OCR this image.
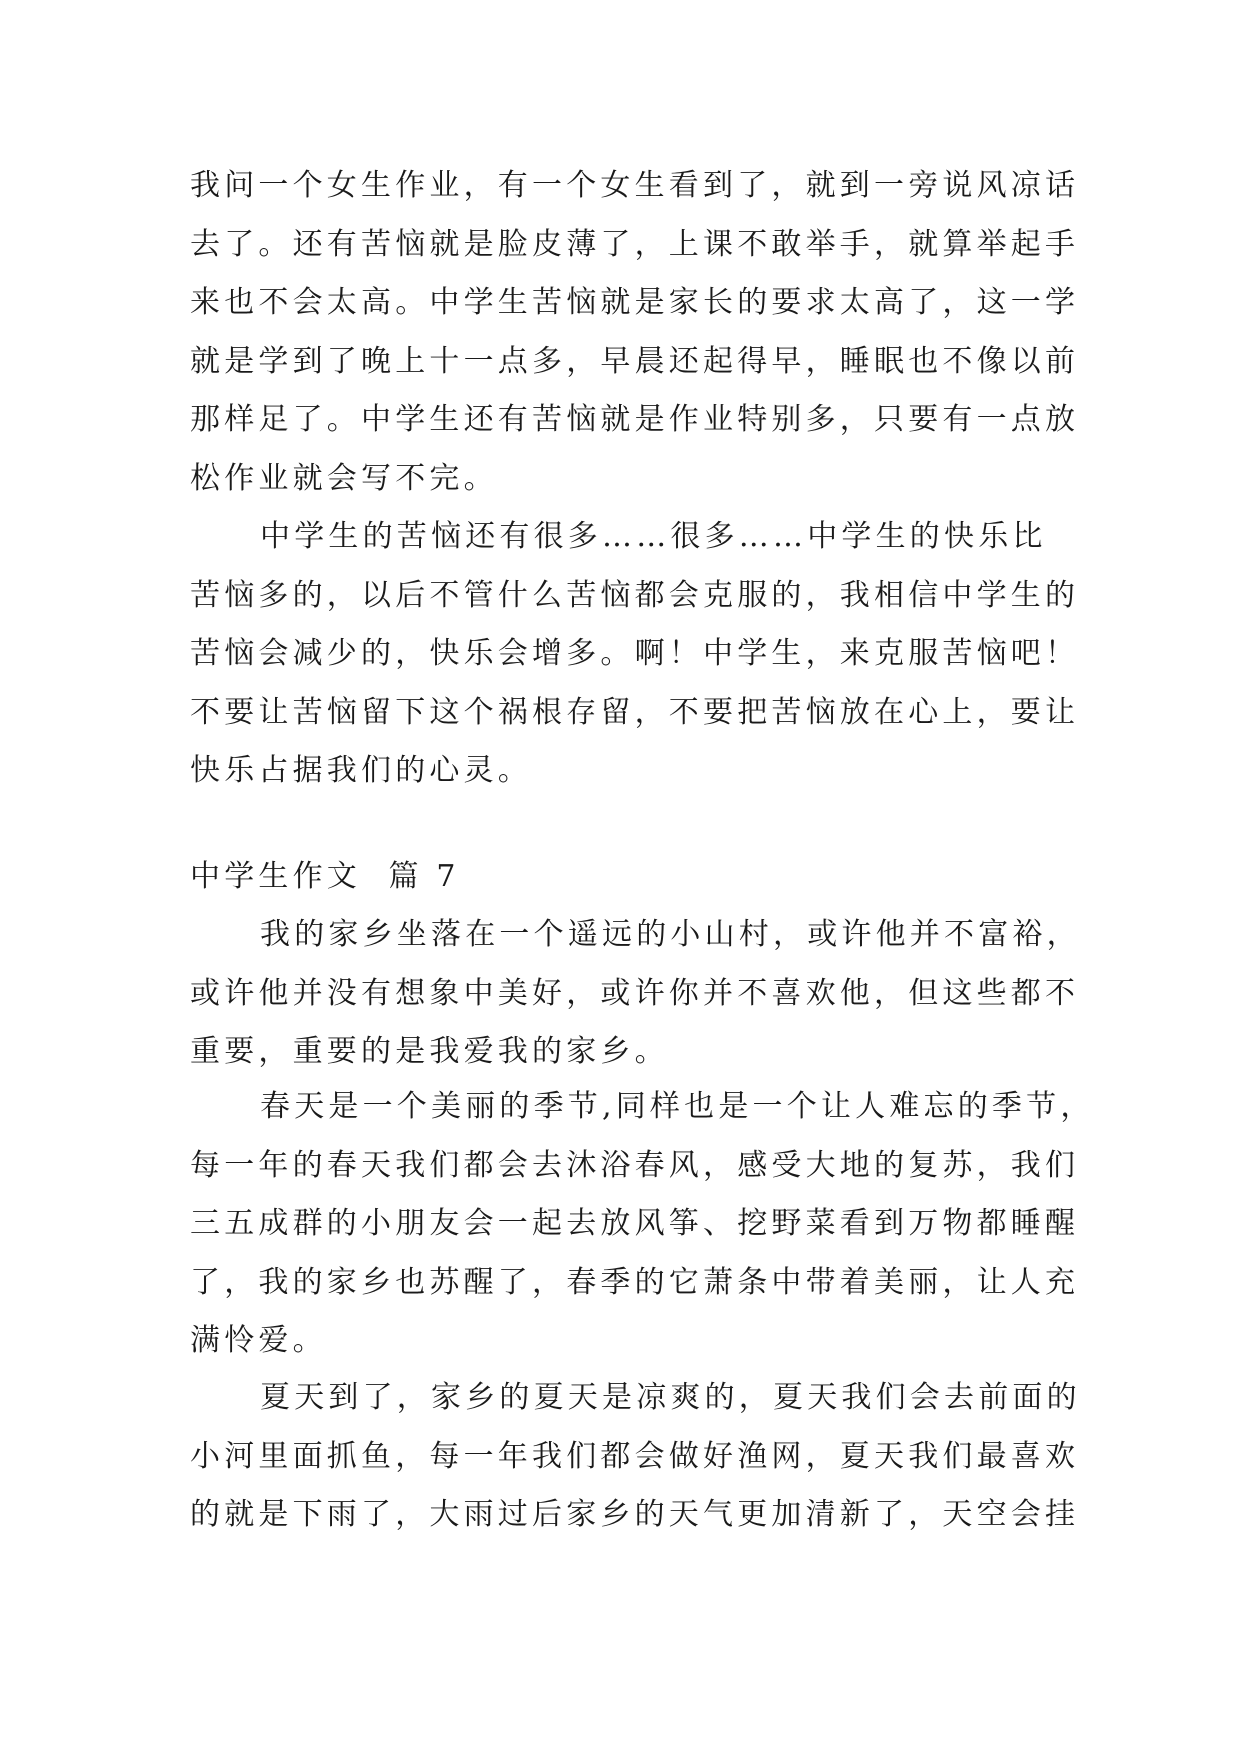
我问一个女生作业，有一个女生看到了，就到一旁说风凉话
去了。还有苦恼就是脸皮薄了，上课不敢举手，就算举起手
来也不会太高。中学生苦恼就是家长的要求太高了，这一学
就是学到了晚上十一点多，早晨还起得早，睡眠也不像以前
那样足了。中学生还有苦恼就是作业特别多，只要有一点放
松作业就会写不完。
中学生的苦恼还有很多……很多……中学生的快乐比
苦恼多的，以后不管什么苦恼都会克服的，我相信中学生的
苦恼会减少的，快乐会增多。啊！中学生，来克服苦恼吧！
不要让苦恼留下这个祸根存留，不要把苦恼放在心上，要让
快乐占据我们的心灵。
中学生作文  篇 7
我的家乡坐落在一个遥远的小山村，或许他并不富裕，
或许他并没有想象中美好，或许你并不喜欢他，但这些都不
重要，重要的是我爱我的家乡。
春天是一个美丽的季节,同样也是一个让人难忘的季节，
每一年的春天我们都会去沐浴春风，感受大地的复苏，我们
三五成群的小朋友会一起去放风筝、挖野菜看到万物都睡醒
了，我的家乡也苏醒了，春季的它萧条中带着美丽，让人充
满怜爱。
夏天到了，家乡的夏天是凉爽的，夏天我们会去前面的
小河里面抓鱼，每一年我们都会做好渔网，夏天我们最喜欢
的就是下雨了，大雨过后家乡的天气更加清新了，天空会挂
